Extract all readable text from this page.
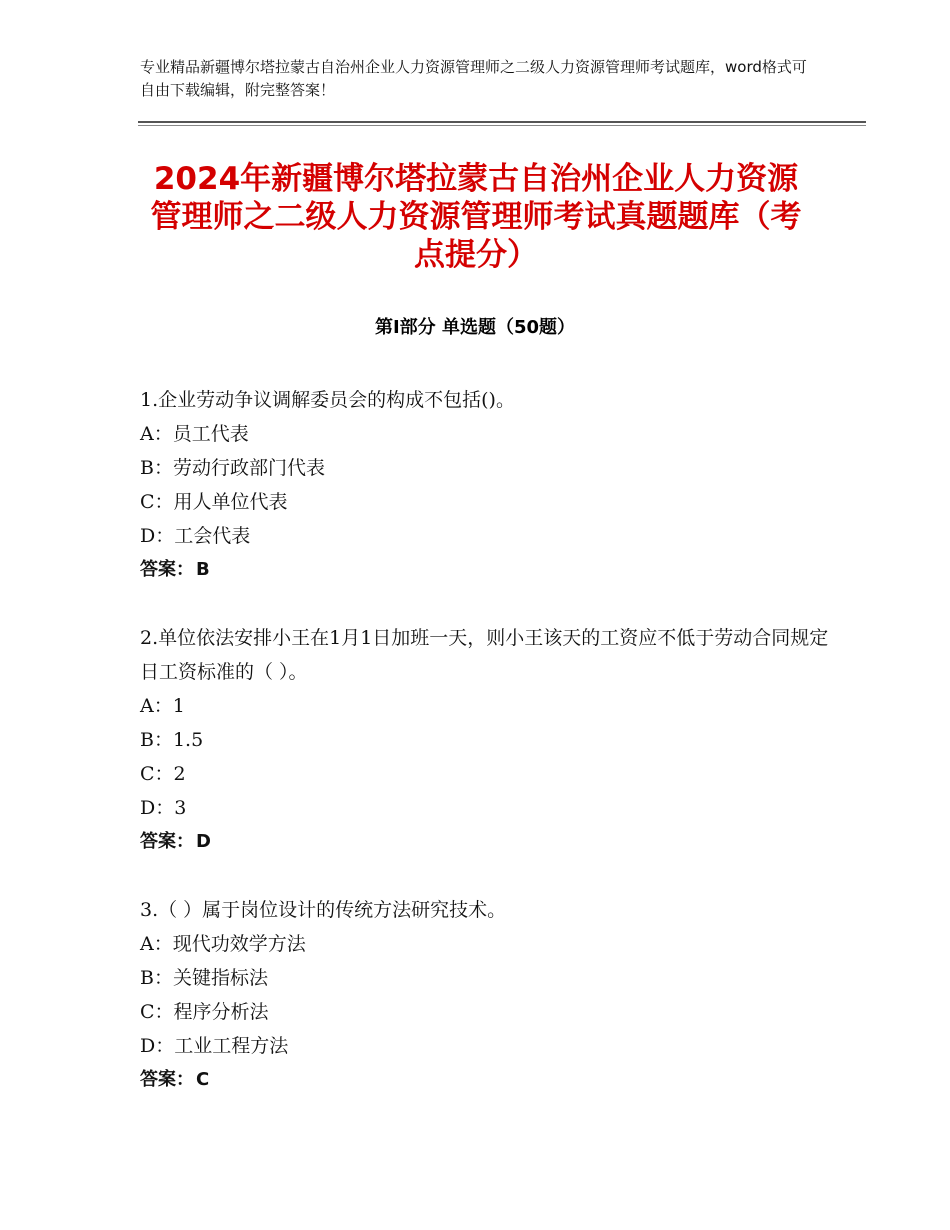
专业精品新疆博尔塔拉蒙古自治州企业人力资源管理师之二级人力资源管理师考试题库，word格式可自由下载编辑，附完整答案！
2024年新疆博尔塔拉蒙古自治州企业人力资源管理师之二级人力资源管理师考试真题题库（考点提分）
第Ⅰ部分 单选题（50题）
1.企业劳动争议调解委员会的构成不包括()。
A：员工代表
B：劳动行政部门代表
C：用人单位代表
D：工会代表
答案： B
2.单位依法安排小王在1月1日加班一天，则小王该天的工资应不低于劳动合同规定日工资标准的（ ）。
A：1
B：1.5
C：2
D：3
答案： D
3.（ ）属于岗位设计的传统方法研究技术。
A：现代功效学方法
B：关键指标法
C：程序分析法
D：工业工程方法
答案： C
